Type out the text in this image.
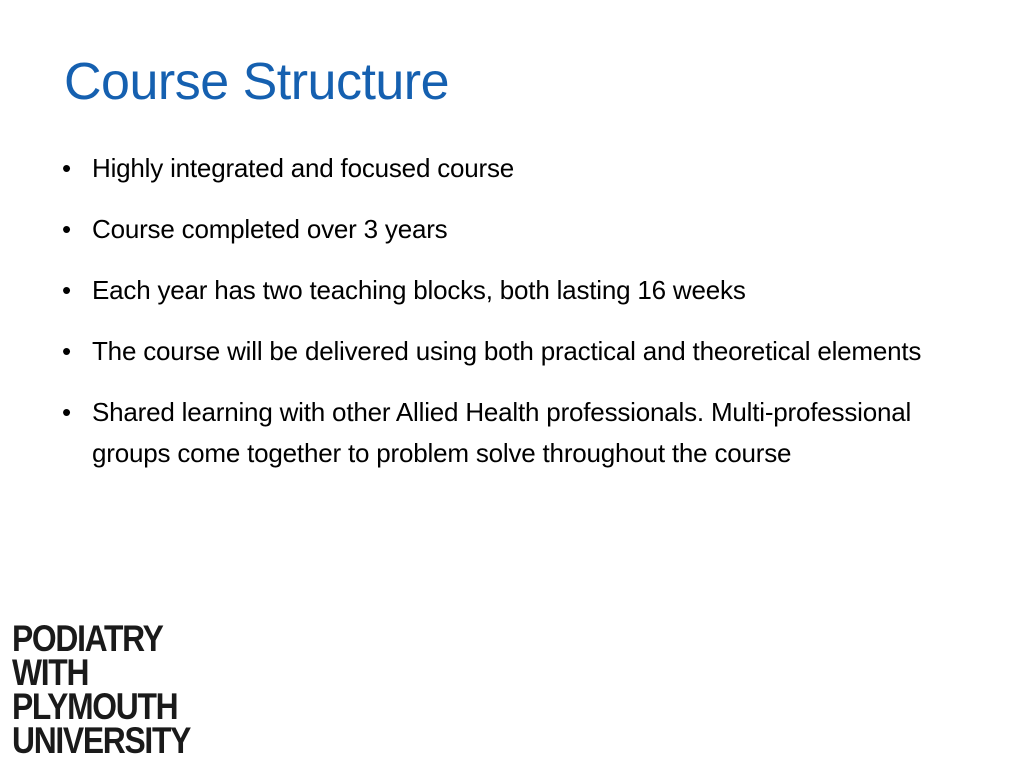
Course Structure
• Highly integrated and focused course
• Course completed over 3 years
• Each year has two teaching blocks, both lasting 16 weeks
• The course will be delivered using both practical and theoretical elements
• Shared learning with other Allied Health professionals. Multi-professional groups come together to problem solve throughout the course
PODIATRY
WITH
PLYMOUTH
UNIVERSITY
